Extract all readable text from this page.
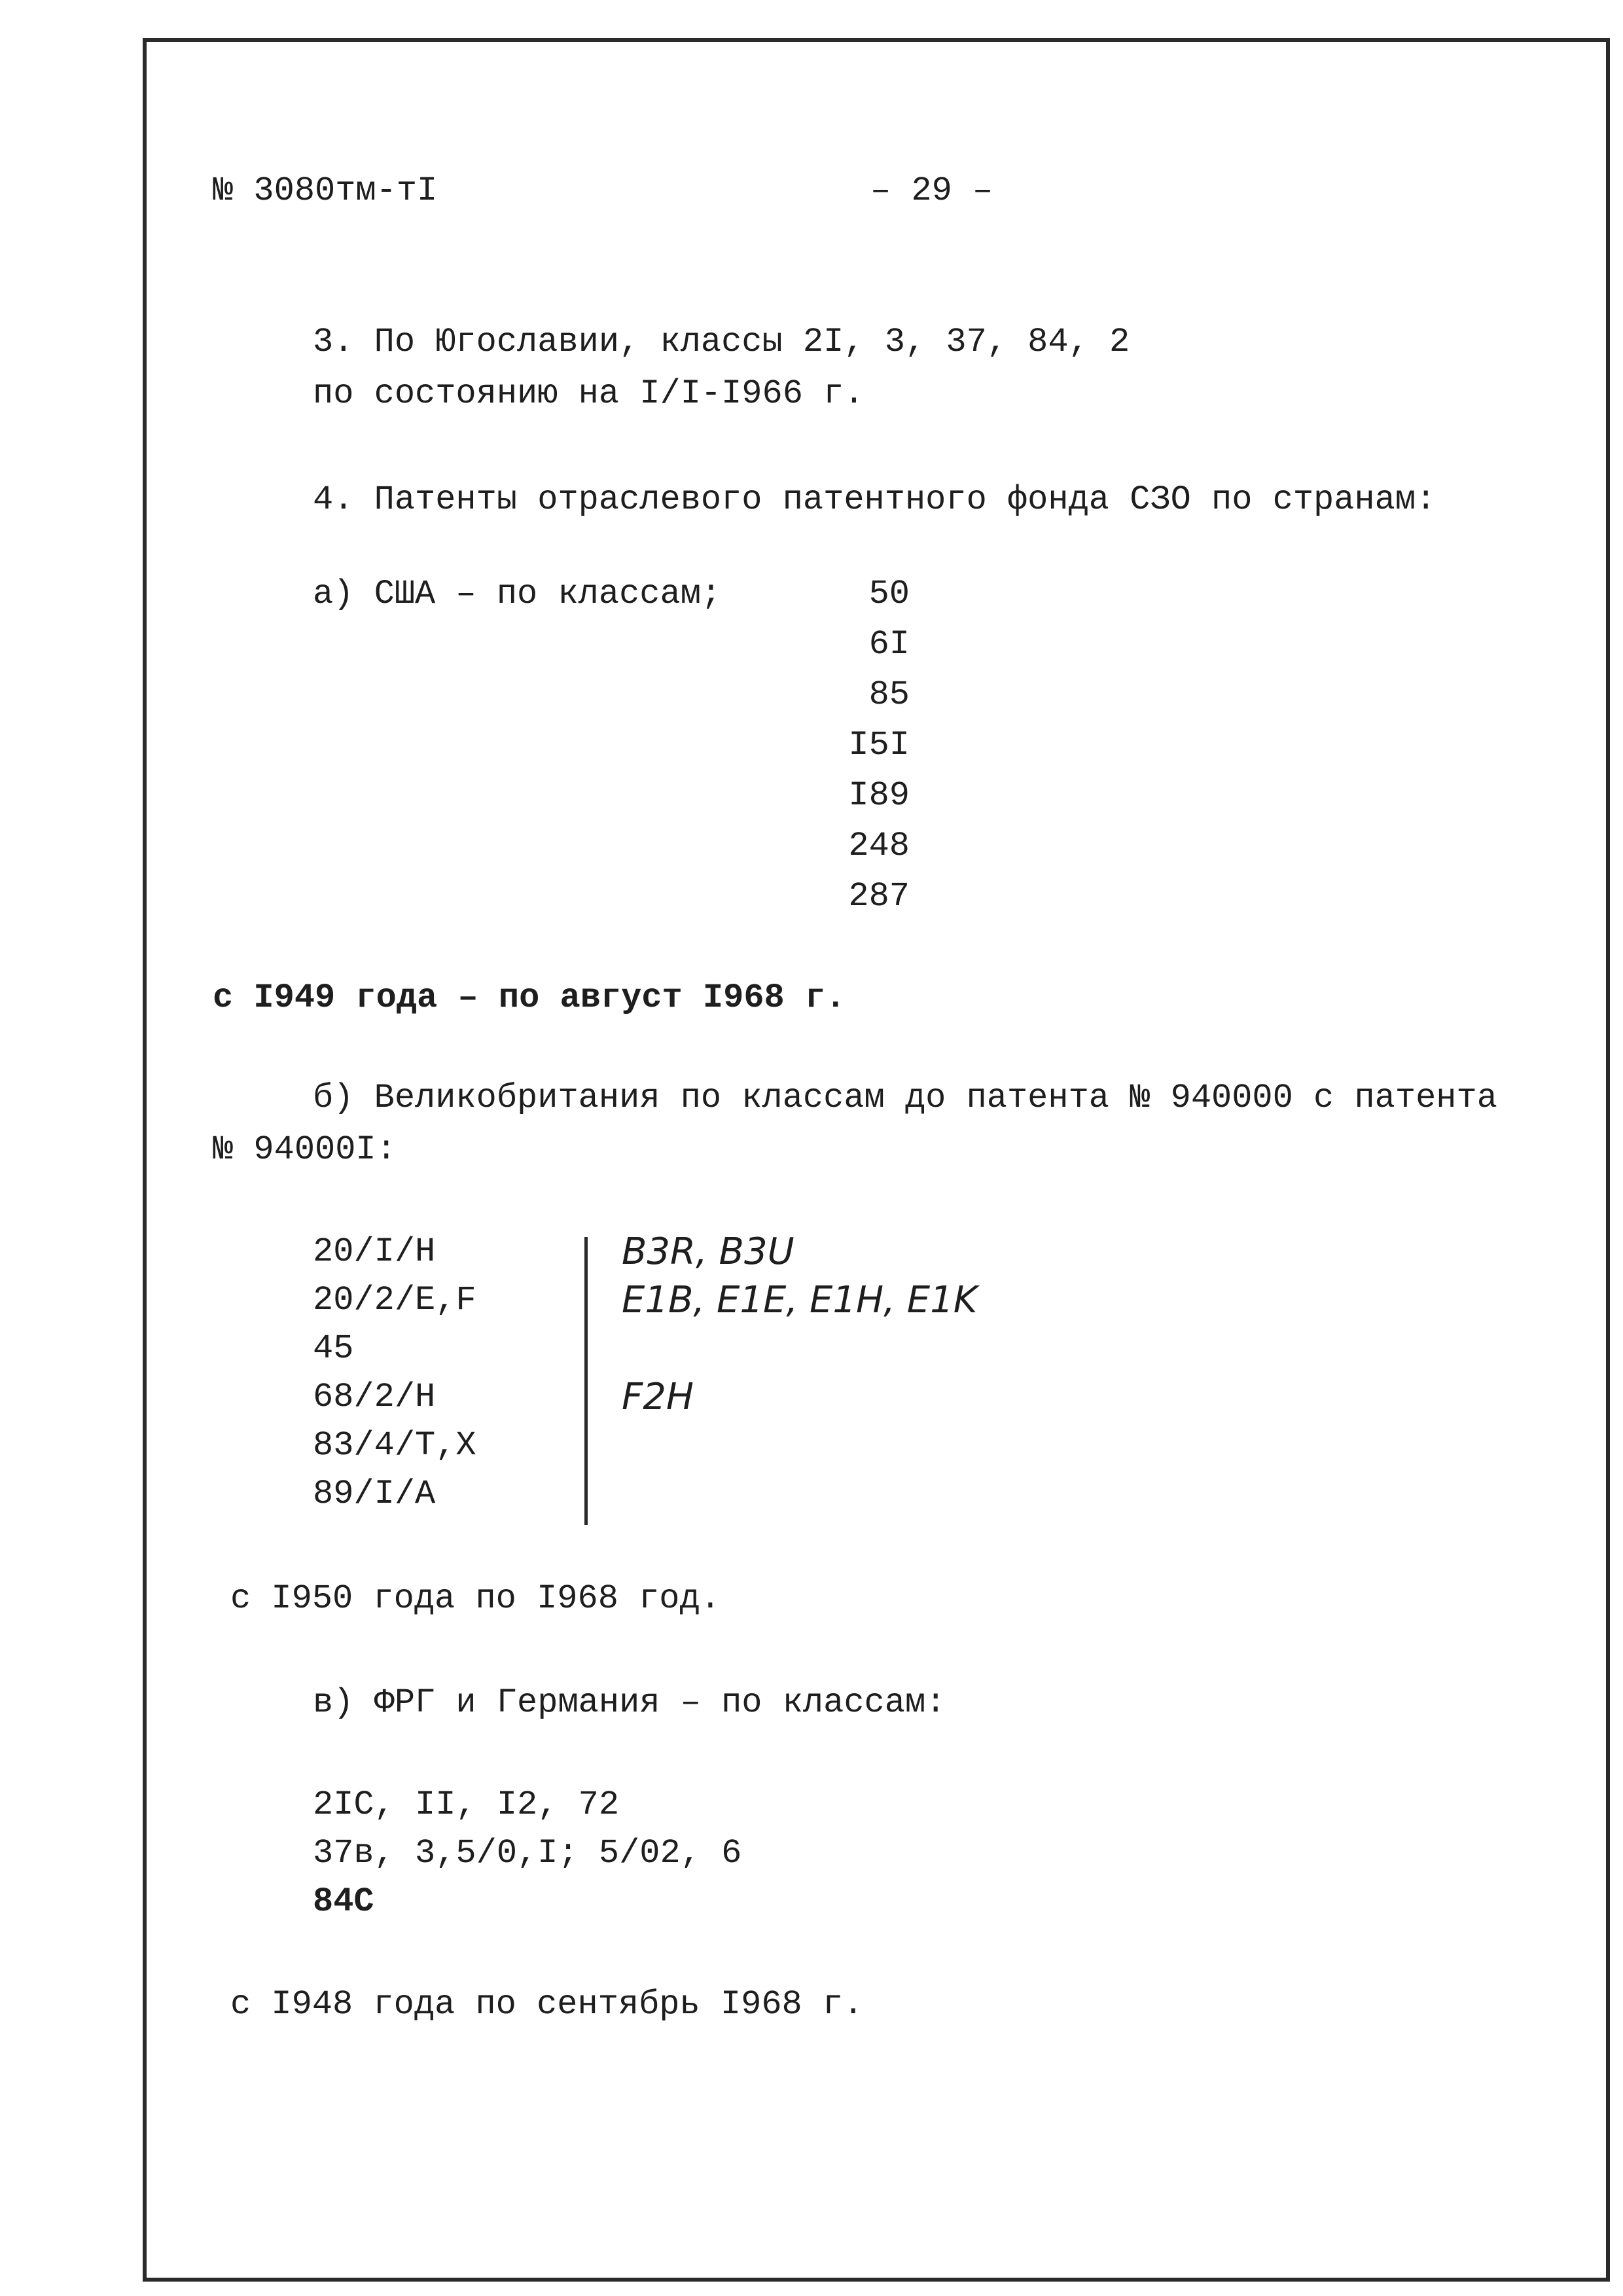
№ 3080тм-тI	– 29 –
3. По Югославии, классы 2I, 3, 37, 84, 2
по состоянию на I/I-I966 г.
4. Патенты отраслевого патентного фонда СЗО по странам:
а) США – по классам;	50
6I
85
I5I
I89
248
287
с I949 года – по август I968 г.
б) Великобритания по классам до патента № 940000 с патента
№ 94000I:
20/I/H
20/2/E,F
45
68/2/H
83/4/T,X
89/I/A
B3R, B3U
E1B, E1E, E1H, E1K
F2H
с I950 года по I968 год.
в) ФРГ и Германия – по классам:
2IC, II, I2, 72
37в, 3,5/0,I; 5/02, 6
84C
с I948 года по сентябрь I968 г.
